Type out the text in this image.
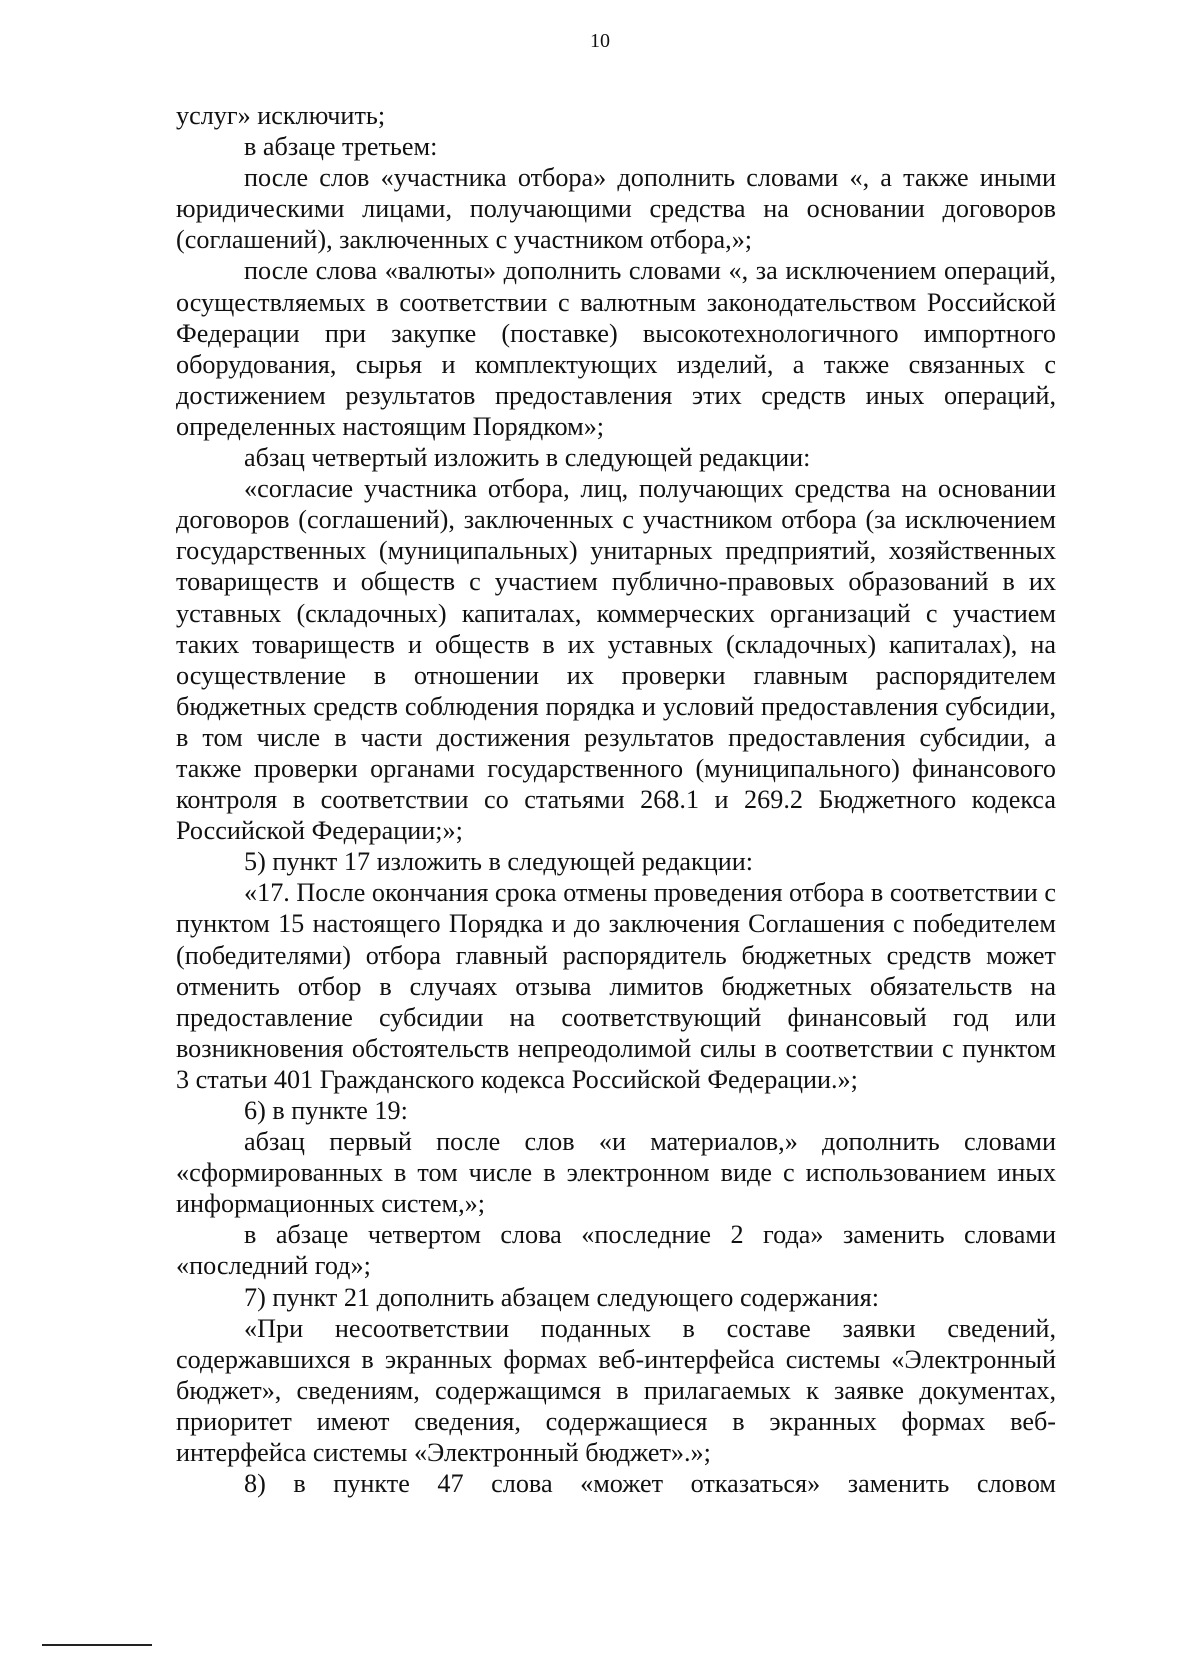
10

услуг» исключить;

в абзаце третьем:

после слов «участника отбора» дополнить словами «, а также иными юридическими лицами, получающими средства на основании договоров (соглашений), заключенных с участником отбора,»;

после слова «валюты» дополнить словами «, за исключением операций, осуществляемых в соответствии с валютным законодательством Российской Федерации при закупке (поставке) высокотехнологичного импортного оборудования, сырья и комплектующих изделий, а также связанных с достижением результатов предоставления этих средств иных операций, определенных настоящим Порядком»;

абзац четвертый изложить в следующей редакции:

«согласие участника отбора, лиц, получающих средства на основании договоров (соглашений), заключенных с участником отбора (за исключением государственных (муниципальных) унитарных предприятий, хозяйственных товариществ и обществ с участием публично-правовых образований в их уставных (складочных) капиталах, коммерческих организаций с участием таких товариществ и обществ в их уставных (складочных) капиталах), на осуществление в отношении их проверки главным распорядителем бюджетных средств соблюдения порядка и условий предоставления субсидии, в том числе в части достижения результатов предоставления субсидии, а также проверки органами государственного (муниципального) финансового контроля в соответствии со статьями 268.1 и 269.2 Бюджетного кодекса Российской Федерации;»;

5) пункт 17 изложить в следующей редакции:

«17. После окончания срока отмены проведения отбора в соответствии с пунктом 15 настоящего Порядка и до заключения Соглашения с победителем (победителями) отбора главный распорядитель бюджетных средств может отменить отбор в случаях отзыва лимитов бюджетных обязательств на предоставление субсидии на соответствующий финансовый год или возникновения обстоятельств непреодолимой силы в соответствии с пунктом 3 статьи 401 Гражданского кодекса Российской Федерации.»;

6) в пункте 19:

абзац первый после слов «и материалов,» дополнить словами «сформированных в том числе в электронном виде с использованием иных информационных систем,»;

в абзаце четвертом слова «последние 2 года» заменить словами «последний год»;

7) пункт 21 дополнить абзацем следующего содержания:

«При несоответствии поданных в составе заявки сведений, содержавшихся в экранных формах веб-интерфейса системы «Электронный бюджет», сведениям, содержащимся в прилагаемых к заявке документах, приоритет имеют сведения, содержащиеся в экранных формах веб-интерфейса системы «Электронный бюджет».»;

8) в пункте 47 слова «может отказаться» заменить словом
